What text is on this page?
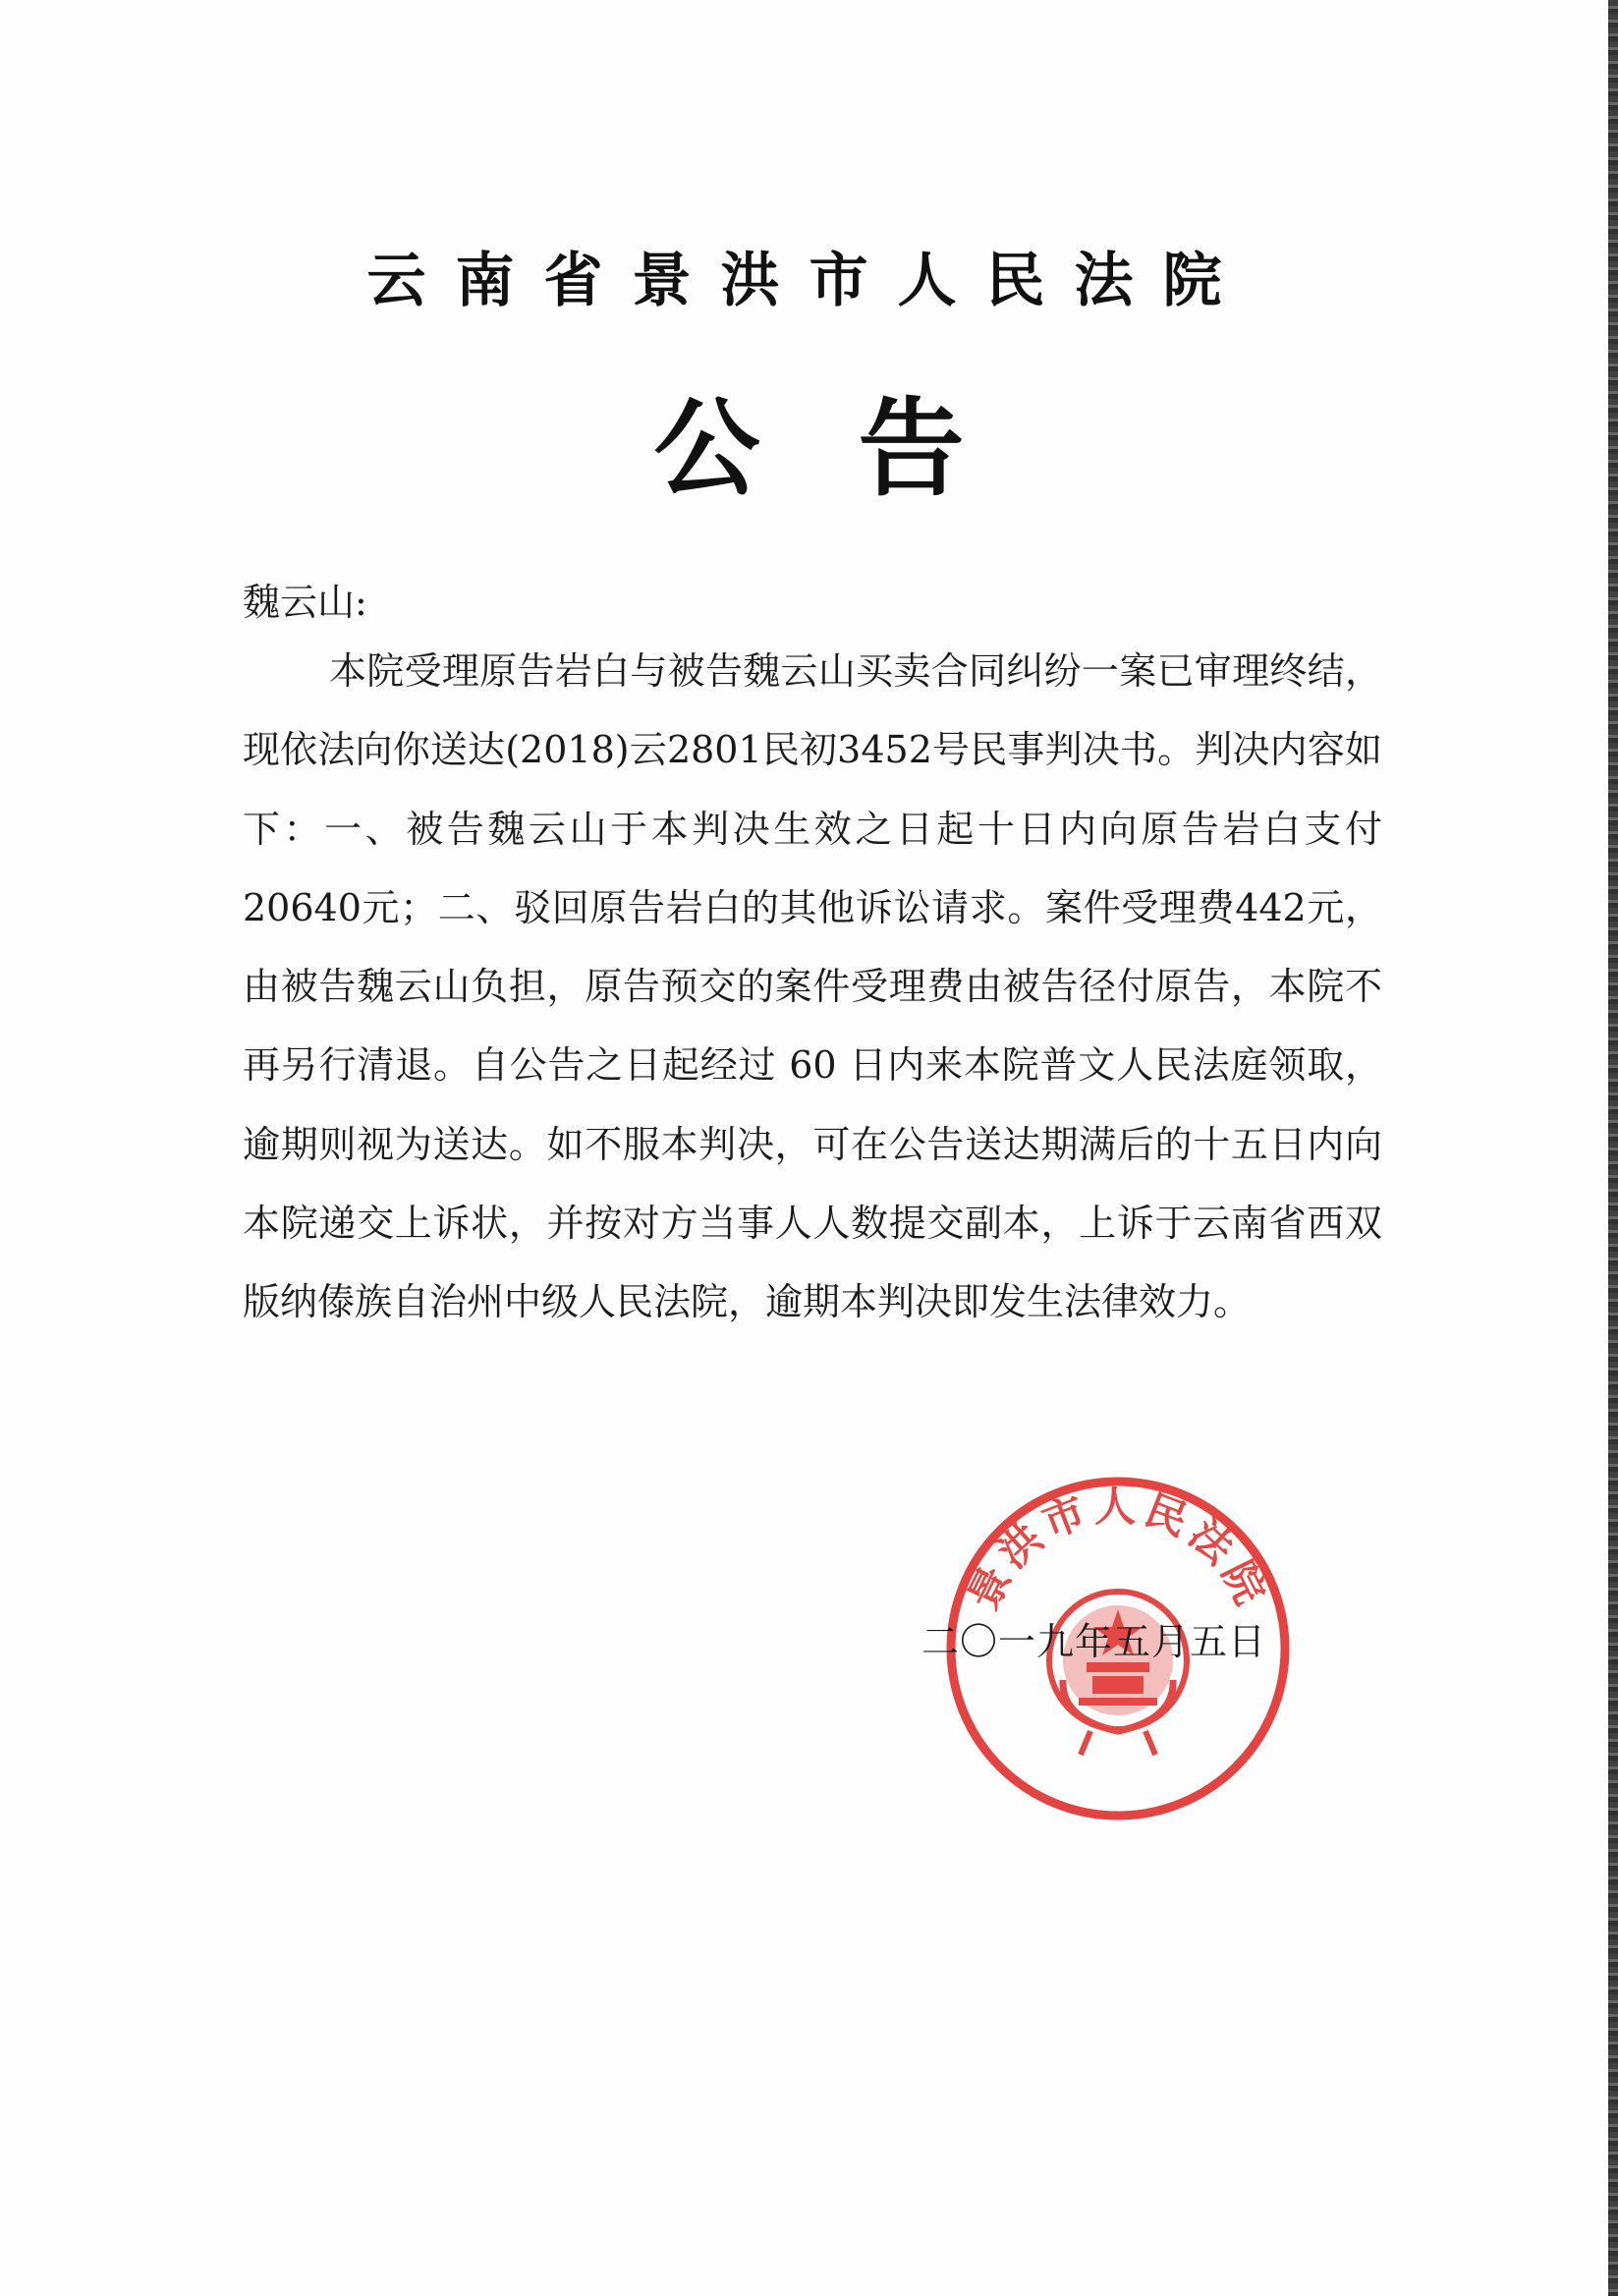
云南省景洪市人民法院
公告
魏云山:

本院受理原告岩白与被告魏云山买卖合同纠纷一案已审理终结，现依法向你送达(2018)云2801民初3452号民事判决书。判决内容如下：一、被告魏云山于本判决生效之日起十日内向原告岩白支付20640元；二、驳回原告岩白的其他诉讼请求。案件受理费442元，由被告魏云山负担，原告预交的案件受理费由被告径付原告，本院不再另行清退。自公告之日起经过 60 日内来本院普文人民法庭领取，逾期则视为送达。如不服本判决，可在公告送达期满后的十五日内向本院递交上诉状，并按对方当事人人数提交副本，上诉于云南省西双版纳傣族自治州中级人民法院，逾期本判决即发生法律效力。

景洪市人民法院
二〇一九年五月五日
